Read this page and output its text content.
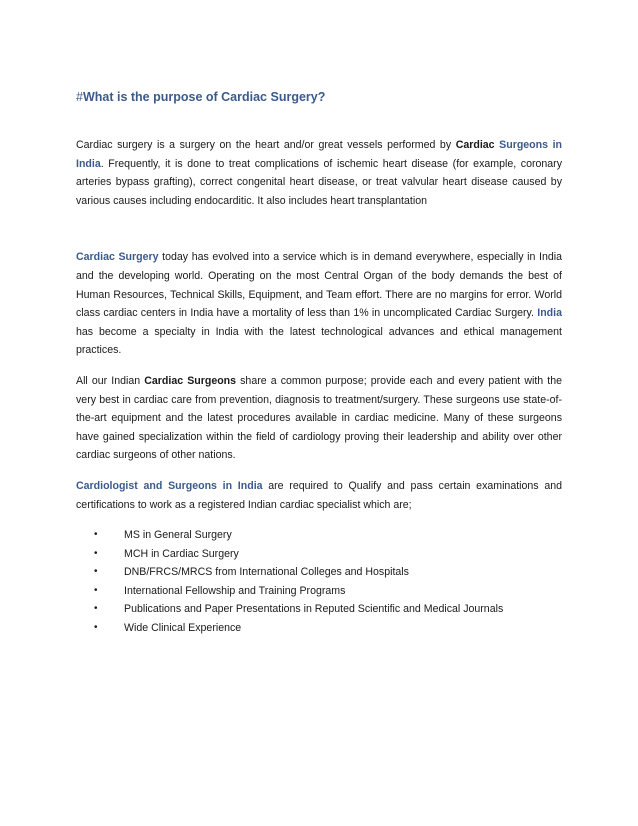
#What is the purpose of Cardiac Surgery?

Cardiac surgery is a surgery on the heart and/or great vessels performed by Cardiac Surgeons in India. Frequently, it is done to treat complications of ischemic heart disease (for example, coronary arteries bypass grafting), correct congenital heart disease, or treat valvular heart disease caused by various causes including endocarditic. It also includes heart transplantation

Cardiac Surgery today has evolved into a service which is in demand everywhere, especially in India and the developing world. Operating on the most Central Organ of the body demands the best of Human Resources, Technical Skills, Equipment, and Team effort. There are no margins for error. World class cardiac centers in India have a mortality of less than 1% in uncomplicated Cardiac Surgery. India has become a specialty in India with the latest technological advances and ethical management practices.

All our Indian Cardiac Surgeons share a common purpose; provide each and every patient with the very best in cardiac care from prevention, diagnosis to treatment/surgery. These surgeons use state-of-the-art equipment and the latest procedures available in cardiac medicine. Many of these surgeons have gained specialization within the field of cardiology proving their leadership and ability over other cardiac surgeons of other nations.

Cardiologist and Surgeons in India are required to Qualify and pass certain examinations and certifications to work as a registered Indian cardiac specialist which are;

• MS in General Surgery
• MCH in Cardiac Surgery
• DNB/FRCS/MRCS from International Colleges and Hospitals
• International Fellowship and Training Programs
• Publications and Paper Presentations in Reputed Scientific and Medical Journals
• Wide Clinical Experience
